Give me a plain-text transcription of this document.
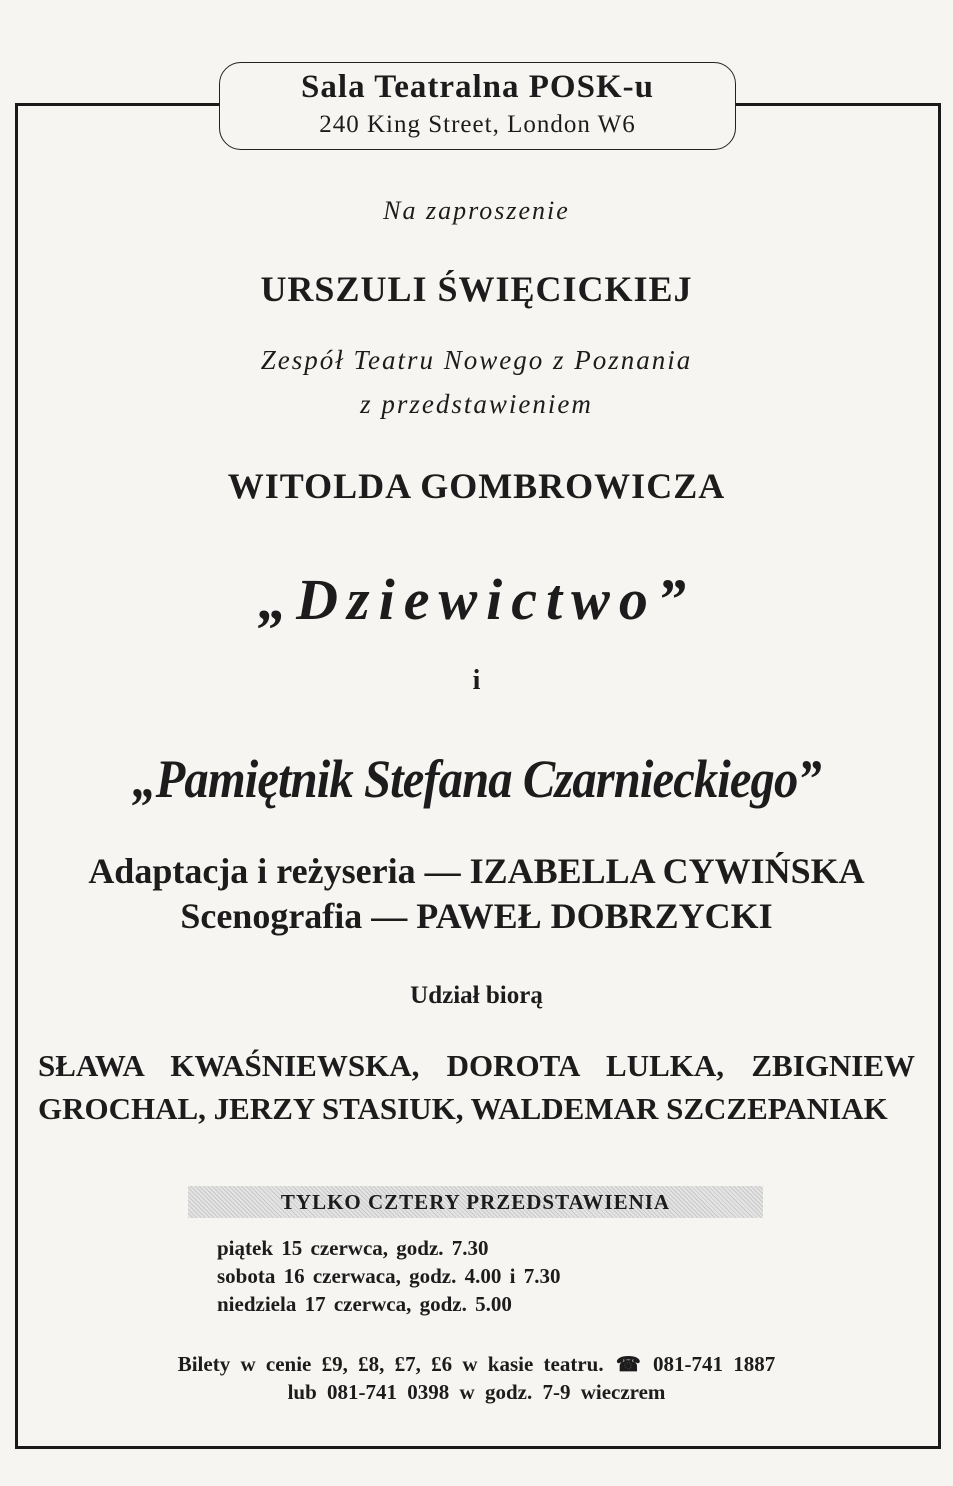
Sala Teatralna POSK-u
240 King Street, London W6
Na zaproszenie
URSZULI ŚWIĘCICKIEJ
Zespół Teatru Nowego z Poznania
z przedstawieniem
WITOLDA GOMBROWICZA
„Dziewictwo”
i
„Pamiętnik Stefana Czarnieckiego”
Adaptacja i reżyseria — IZABELLA CYWIŃSKA
Scenografia — PAWEŁ DOBRZYCKI
Udział biorą
SŁAWA KWAŚNIEWSKA, DOROTA LULKA, ZBIGNIEW
GROCHAL, JERZY STASIUK, WALDEMAR SZCZEPANIAK
TYLKO CZTERY PRZEDSTAWIENIA
piątek 15 czerwca, godz. 7.30
sobota 16 czerwaca, godz. 4.00 i 7.30
niedziela 17 czerwca, godz. 5.00
Bilety w cenie £9, £8, £7, £6 w kasie teatru. ☎ 081-741 1887
lub 081-741 0398 w godz. 7-9 wieczrem
